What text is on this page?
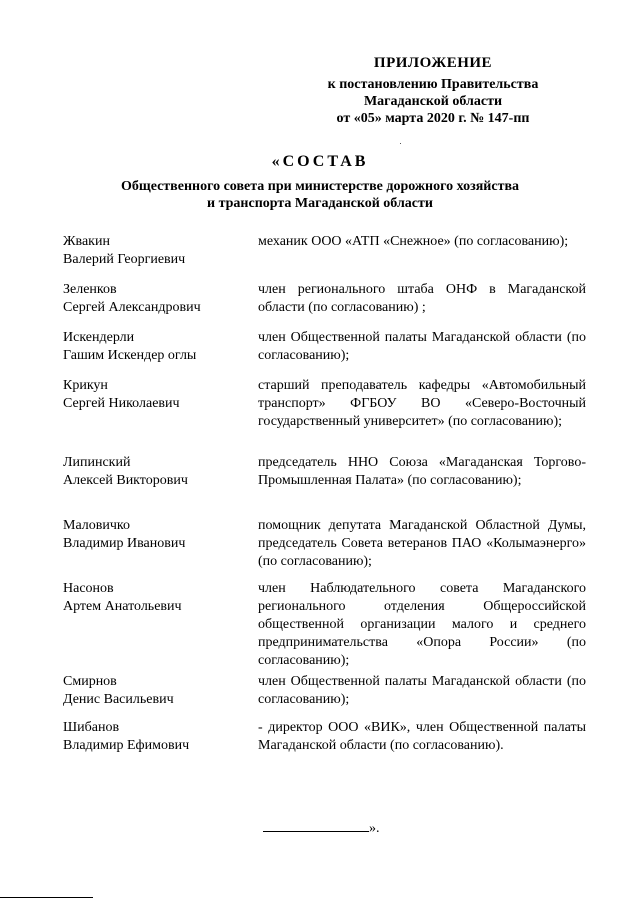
ПРИЛОЖЕНИЕ
к постановлению Правительства
Магаданской области
от «05» марта 2020 г. № 147-пп
«СОСТАВ
Общественного совета при министерстве дорожного хозяйства
и транспорта Магаданской области
Жвакин
Валерий Георгиевич
механик ООО «АТП «Снежное» (по согласованию);
Зеленков
Сергей Александрович
член регионального штаба ОНФ в Магаданской области (по согласованию) ;
Искендерли
Гашим Искендер оглы
член Общественной палаты Магаданской области (по согласованию);
Крикун
Сергей Николаевич
старший преподаватель кафедры «Автомобильный транспорт» ФГБОУ ВО «Северо-Восточный государственный университет» (по согласованию);
Липинский
Алексей Викторович
председатель ННО Союза «Магаданская Торгово-Промышленная Палата» (по согласованию);
Маловичко
Владимир Иванович
помощник депутата Магаданской Областной Думы, председатель Совета ветеранов ПАО «Колымаэнерго» (по согласованию);
Насонов
Артем Анатольевич
член Наблюдательного совета Магаданского регионального отделения Общероссийской общественной организации малого и среднего предпринимательства «Опора России» (по согласованию);
Смирнов
Денис Васильевич
член Общественной палаты Магаданской области (по согласованию);
Шибанов
Владимир Ефимович
- директор ООО «ВИК», член Общественной палаты Магаданской области (по согласованию).
».
